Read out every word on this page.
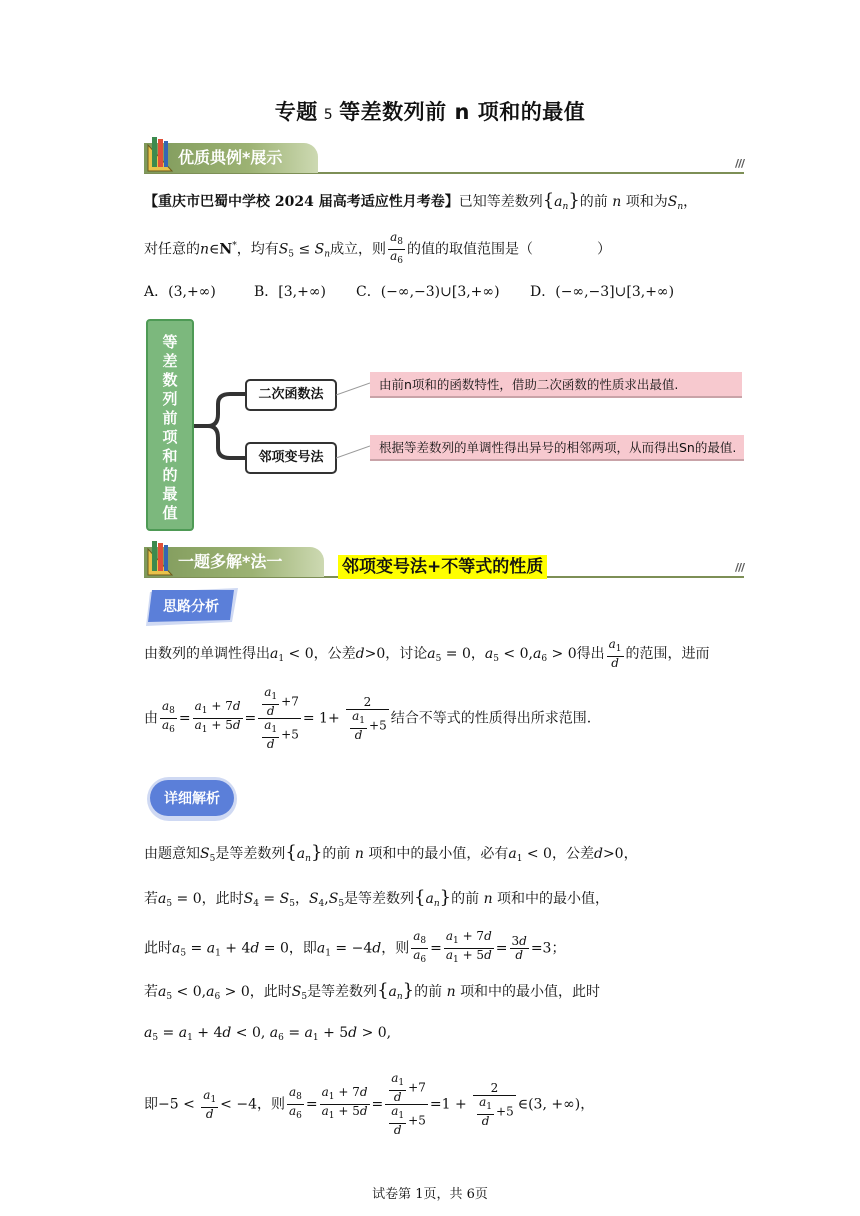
专题 5 等差数列前 n 项和的最值
优质典例*展示	///
【重庆市巴蜀中学校 2024 届高考适应性月考卷】已知等差数列$\{a_n\}$的前 n 项和为$S_n$，
对任意的n∈N*，均有$S_5 \le S_n$成立，则 $\frac{a_8}{a_6}$ 的值的取值范围是（	）
A．(3,+∞)	B．[3,+∞) C．(−∞,−3)∪[3,+∞) D．(−∞,−3]∪[3,+∞)
等
差
数
列
前
项
和
的
最
值
二次函数法
邻项变号法
由前n项和的函数特性，借助二次函数的性质求出最值.
根据等差数列的单调性得出异号的相邻两项，从而得出Sn的最值.
一题多解*法一	///
邻项变号法+不等式的性质
思路分析
由数列的单调性得出$a_1 < 0$，公差d>0，讨论$a_5 = 0$，$a_5 < 0,a_6 > 0$得出 $\frac{a_1}{d}$ 的范围，进而
由 $\frac{a_8}{a_6} = \frac{a_1 + 7d}{a_1 + 5d} = \frac{\frac{a_1}{d} +7}{\frac{a_1}{d} +5} = 1+ \frac{2}{\frac{a_1}{d} +5}$ 结合不等式的性质得出所求范围.
详细解析
由题意知$S_5$是等差数列$\{a_n\}$的前 n 项和中的最小值，必有$a_1 < 0$，公差d>0，
若$a_5 = 0$，此时$S_4 = S_5$，$S_4,S_5$是等差数列$\{a_n\}$的前 n 项和中的最小值，
此时$a_5 = a_1 + 4d = 0$，即$a_1 = -4d$，则 $\frac{a_8}{a_6} = \frac{a_1 + 7d}{a_1 + 5d} = \frac{3d}{d} =3$；
若$a_5 < 0,a_6 > 0$，此时$S_5$是等差数列$\{a_n\}$的前 n 项和中的最小值，此时
$a_5 = a_1 + 4d < 0$, $a_6 = a_1 + 5d > 0$,
即$-5 < \frac{a_1}{d} < -4$，则 $\frac{a_8}{a_6} = \frac{a_1 + 7d}{a_1 + 5d} = \frac{\frac{a_1}{d} +7}{\frac{a_1}{d} +5} =1 + \frac{2}{\frac{a_1}{d} +5}$ ∈(3, +∞)，
试卷第 1页，共 6页
